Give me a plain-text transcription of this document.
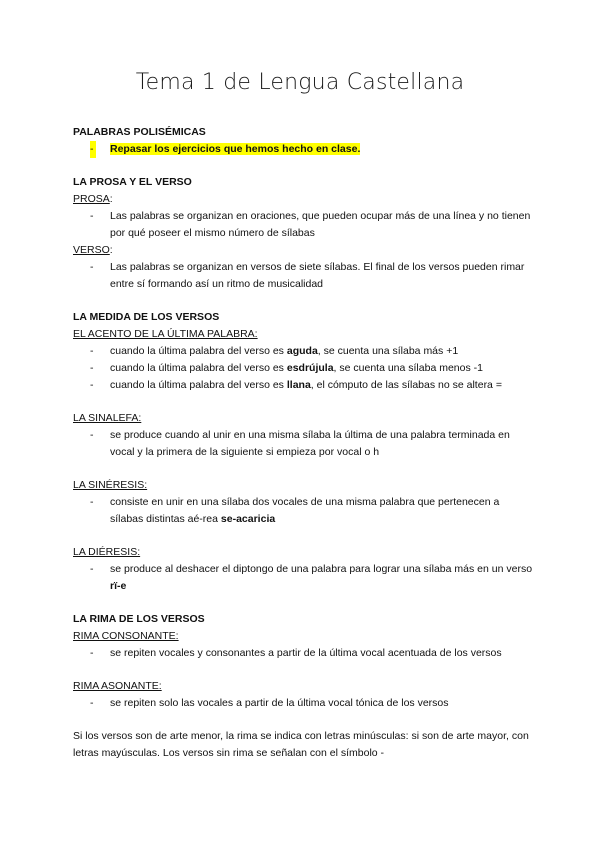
Tema 1 de Lengua Castellana

PALABRAS POLISÉMICAS

- Repasar los ejercicios que hemos hecho en clase.

LA PROSA Y EL VERSO

PROSA:

- Las palabras se organizan en oraciones, que pueden ocupar más de una línea y no tienen por qué poseer el mismo número de sílabas

VERSO:

- Las palabras se organizan en versos de siete sílabas. El final de los versos pueden rimar entre sí formando así un ritmo de musicalidad

LA MEDIDA DE LOS VERSOS

EL ACENTO DE LA ÚLTIMA PALABRA:

- cuando la última palabra del verso es aguda, se cuenta una sílaba más +1
- cuando la última palabra del verso es esdrújula, se cuenta una sílaba menos -1
- cuando la última palabra del verso es llana, el cómputo de las sílabas no se altera =

LA SINALEFA:

- se produce cuando al unir en una misma sílaba la última de una palabra terminada en vocal y la primera de la siguiente si empieza por vocal o h

LA SINÉRESIS:

- consiste en unir en una sílaba dos vocales de una misma palabra que pertenecen a sílabas distintas aé-rea se-acaricia

LA DIÉRESIS:

- se produce al deshacer el diptongo de una palabra para lograr una sílaba más en un verso rï-e

LA RIMA DE LOS VERSOS

RIMA CONSONANTE:

- se repiten vocales y consonantes a partir de la última vocal acentuada de los versos

RIMA ASONANTE:

- se repiten solo las vocales a partir de la última vocal tónica de los versos

Si los versos son de arte menor, la rima se indica con letras minúsculas: si son de arte mayor, con letras mayúsculas. Los versos sin rima se señalan con el símbolo -
